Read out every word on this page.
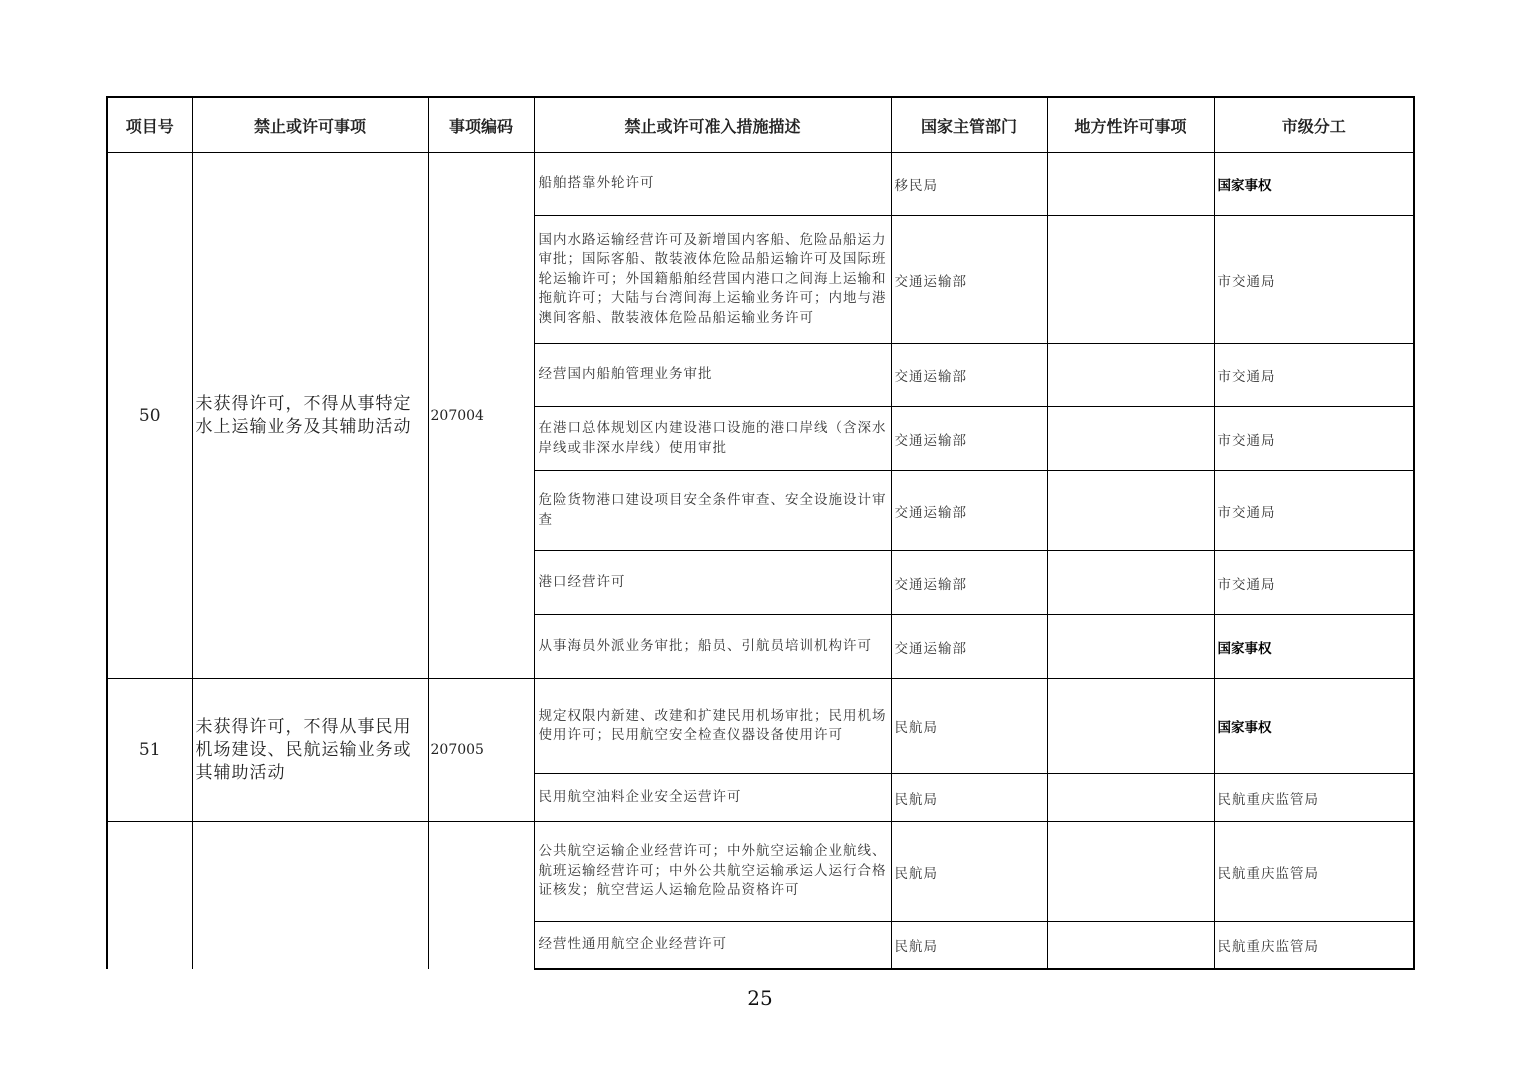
项目号	禁止或许可事项	事项编码	禁止或许可准入措施描述	国家主管部门	地方性许可事项	市级分工
50	未获得许可，不得从事特定水上运输业务及其辅助活动	207004	船舶搭靠外轮许可	移民局		国家事权
			国内水路运输经营许可及新增国内客船、危险品船运力审批；国际客船、散装液体危险品船运输许可及国际班轮运输许可；外国籍船舶经营国内港口之间海上运输和拖航许可；大陆与台湾间海上运输业务许可；内地与港澳间客船、散装液体危险品船运输业务许可	交通运输部		市交通局
			经营国内船舶管理业务审批	交通运输部		市交通局
			在港口总体规划区内建设港口设施的港口岸线（含深水岸线或非深水岸线）使用审批	交通运输部		市交通局
			危险货物港口建设项目安全条件审查、安全设施设计审查	交通运输部		市交通局
			港口经营许可	交通运输部		市交通局
			从事海员外派业务审批；船员、引航员培训机构许可	交通运输部		国家事权
51	未获得许可，不得从事民用机场建设、民航运输业务或其辅助活动	207005	规定权限内新建、改建和扩建民用机场审批；民用机场使用许可；民用航空安全检查仪器设备使用许可	民航局		国家事权
			民用航空油料企业安全运营许可	民航局		民航重庆监管局
			公共航空运输企业经营许可；中外航空运输企业航线、航班运输经营许可；中外公共航空运输承运人运行合格证核发；航空营运人运输危险品资格许可	民航局		民航重庆监管局
			经营性通用航空企业经营许可	民航局		民航重庆监管局
25
